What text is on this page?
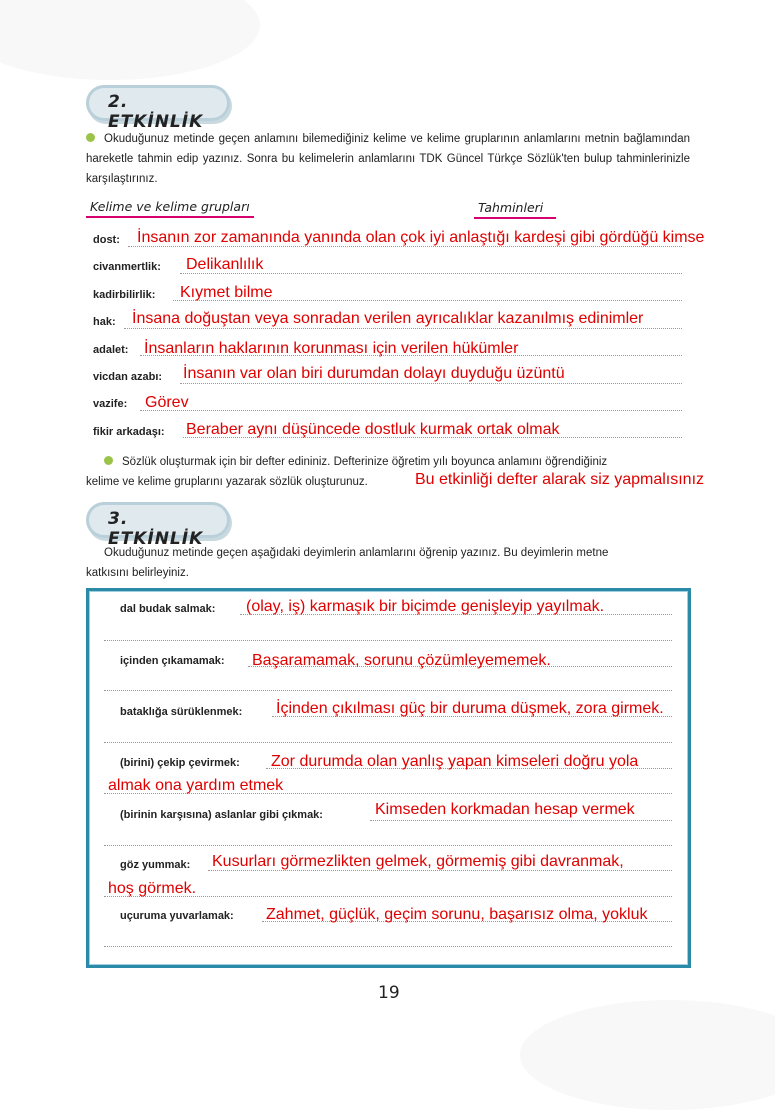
2. ETKİNLİK
Okuduğunuz metinde geçen anlamını bilemediğiniz kelime ve kelime gruplarının anlamlarını metnin bağlamından hareketle tahmin edip yazınız. Sonra bu kelimelerin anlamlarını TDK Güncel Türkçe Sözlük'ten bulup tahminlerinizle karşılaştırınız.
Kelime ve kelime grupları	Tahminleri
dost: İnsanın zor zamanında yanında olan çok iyi anlaştığı kardeşi gibi gördüğü kimse
civanmertlik: Delikanlılık
kadirbilirlik: Kıymet bilme
hak: İnsana doğuştan veya sonradan verilen ayrıcalıklar kazanılmış edinimler
adalet: İnsanların haklarının korunması için verilen hükümler
vicdan azabı: İnsanın var olan biri durumdan dolayı duyduğu üzüntü
vazife: Görev
fikir arkadaşı: Beraber aynı düşüncede dostluk kurmak ortak olmak
Sözlük oluşturmak için bir defter edininiz. Defterinize öğretim yılı boyunca anlamını öğrendiğiniz
kelime ve kelime gruplarını yazarak sözlük oluşturunuz.	Bu etkinliği defter alarak siz yapmalısınız
3. ETKİNLİK
Okuduğunuz metinde geçen aşağıdaki deyimlerin anlamlarını öğrenip yazınız. Bu deyimlerin metne
katkısını belirleyiniz.
dal budak salmak: (olay, iş) karmaşık bir biçimde genişleyip yayılmak.
içinden çıkamamak: Başaramamak, sorunu çözümleyememek.
bataklığa sürüklenmek: İçinden çıkılması güç bir duruma düşmek, zora girmek.
(birini) çekip çevirmek: Zor durumda olan yanlış yapan kimseleri doğru yola
almak ona yardım etmek
(birinin karşısına) aslanlar gibi çıkmak:	Kimseden korkmadan hesap vermek
göz yummak: Kusurları görmezlikten gelmek, görmemiş gibi davranmak,
hoş görmek.
uçuruma yuvarlamak: Zahmet, güçlük, geçim sorunu, başarısız olma, yokluk
19
